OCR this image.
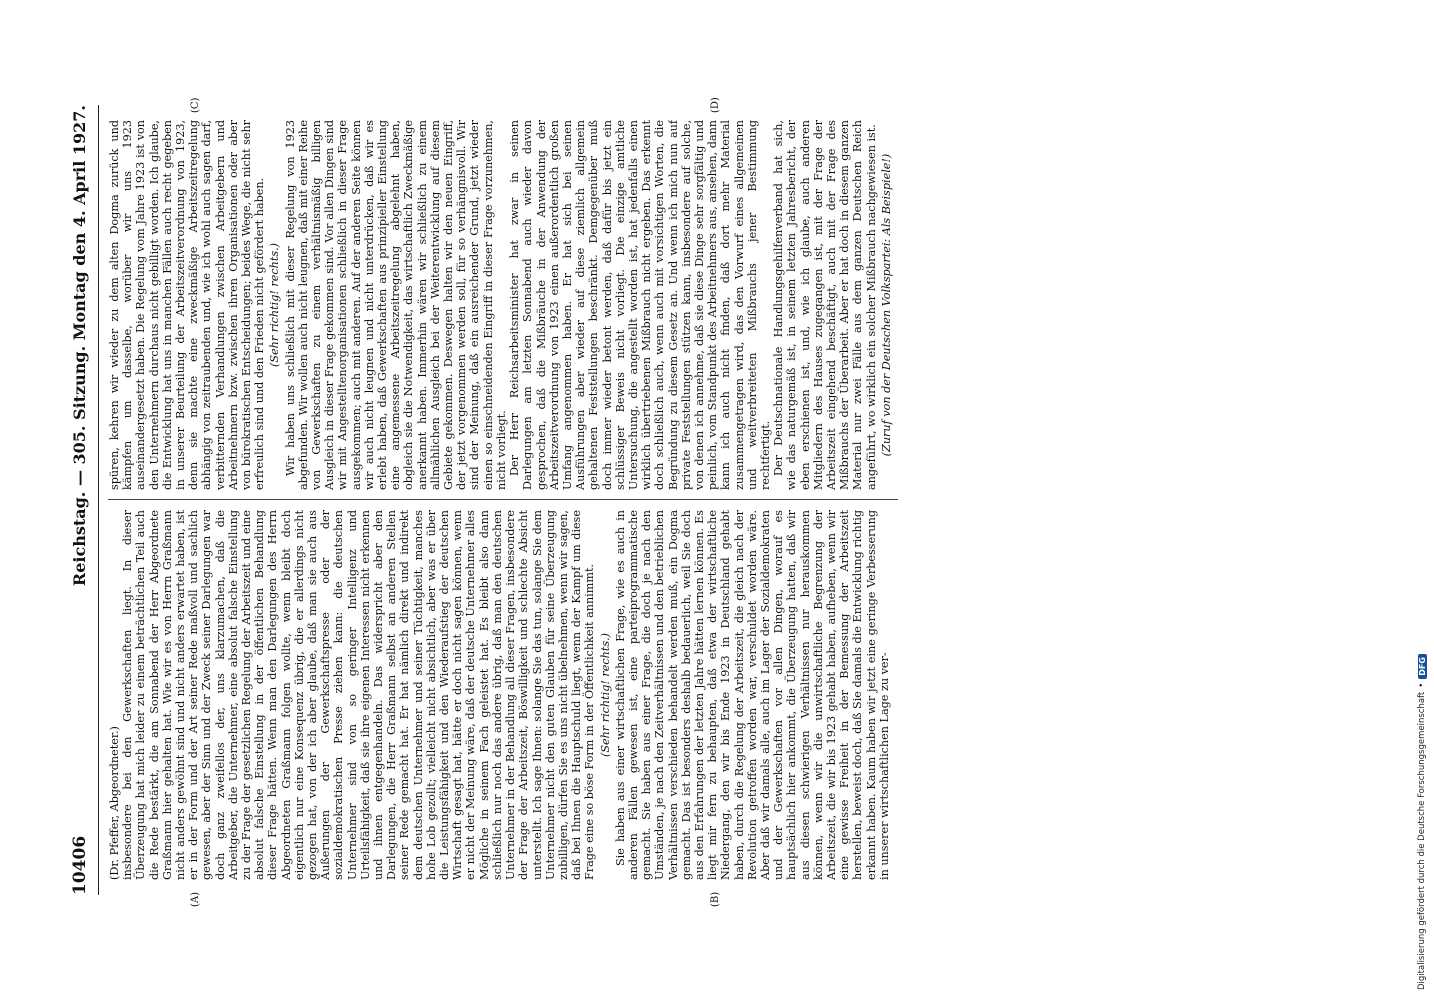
10406
Reichstag. — 305. Sitzung. Montag den 4. April 1927.
(A)	(B)
(C)	(D)

(Dr. Pfeffer, Abgeordneter.) insbesondere bei den Gewerkschaften liegt. In dieser Überzeugung hat mich leider zu einem beträchtlichen Teil auch die Rede bestärkt, die am Sonnabend der Herr Abgeordnete Graßmann hier gehalten hat. Wie wir es von Herrn Graßmann nicht anders gewöhnt sind und nicht anders erwartet haben, ist er in der Form und der Art seiner Rede maßvoll und sachlich gewesen, aber der Sinn und der Zweck seiner Darlegungen war doch ganz zweifellos der, uns klarzumachen, daß die Arbeitgeber, die Unternehmer, eine absolut falsche Einstellung zu der Frage der gesetzlichen Regelung der Arbeitszeit und eine absolut falsche Einstellung in der öffentlichen Behandlung dieser Frage hätten. Wenn man den Darlegungen des Herrn Abgeordneten Graßmann folgen wollte, wenn bleibt doch eigentlich nur eine Konsequenz übrig, die er allerdings nicht gezogen hat, von der ich aber glaube, daß man sie auch aus Äußerungen der Gewerkschaftspresse oder der sozialdemokratischen Presse ziehen kann: die deutschen Unternehmer sind von so geringer Intelligenz und Urteilsfähigkeit, daß sie ihre eigenen Interessen nicht erkennen und ihnen entgegenhandeln. Das widerspricht aber den Darlegungen, die Herr Graßmann selbst an anderen Stellen seiner Rede gemacht hat. Er hat nämlich direkt und indirekt dem deutschen Unternehmer und seiner Tüchtigkeit, manches hohe Lob gezollt; vielleicht nicht absichtlich, aber was er über die Leistungsfähigkeit und den Wiederaufstieg der deutschen Wirtschaft gesagt hat, hätte er doch nicht sagen können, wenn er nicht der Meinung wäre, daß der deutsche Unternehmer alles Mögliche in seinem Fach geleistet hat. Es bleibt also dann schließlich nur noch das andere übrig, daß man den deutschen Unternehmer in der Behandlung all dieser Fragen, insbesondere der Frage der Arbeitszeit, Böswilligkeit und schlechte Absicht unterstellt. Ich sage Ihnen: solange Sie das tun, solange Sie dem Unternehmer nicht den guten Glauben für seine Überzeugung zubilligen, dürfen Sie es uns nicht übelnehmen, wenn wir sagen, daß bei Ihnen die Hauptschuld liegt, wenn der Kampf um diese Frage eine so böse Form in der Öffentlichkeit annimmt. (Sehr richtig! rechts.) Sie haben aus einer wirtschaftlichen Frage, wie es auch in anderen Fällen gewesen ist, eine parteiprogrammatische gemacht. Sie haben aus einer Frage, die doch je nach den Umständen, je nach den Zeitverhältnissen und den betrieblichen Verhältnissen verschieden behandelt werden muß, ein Dogma gemacht. Das ist besonders deshalb bedauerlich, weil Sie doch aus den Erfahrungen der letzten Jahre hätten lernen können. Es liegt mir fern zu behaupten, daß etwa der wirtschaftliche Niedergang, den wir bis Ende 1923 in Deutschland gehabt haben, durch die Regelung der Arbeitszeit, die gleich nach der Revolution getroffen worden war, verschuldet worden wäre. Aber daß wir damals alle, auch im Lager der Sozialdemokraten und der Gewerkschaften vor allen Dingen, worauf es hauptsächlich hier ankommt, die Überzeugung hatten, daß wir aus diesen schwierigen Verhältnissen nur herauskommen können, wenn wir die unwirtschaftliche Begrenzung der Arbeitszeit, die wir bis 1923 gehabt haben, aufheben, wenn wir eine gewisse Freiheit in der Bemessung der Arbeitszeit herstellen, beweist doch, daß Sie damals die Entwicklung richtig erkannt haben. Kaum haben wir jetzt eine geringe Verbesserung in unserer wirtschaftlichen Lage zu ver-

spüren, kehren wir wieder zu dem alten Dogma zurück und kämpfen um dasselbe, worüber wir uns 1923 auseinandergesetzt haben. Die Regelung vom Jahre 1923 ist von den Unternehmern durchaus nicht gebilligt worden. Ich glaube, die Entwicklung hat uns in manchen Fällen auch recht gegeben in unserer Beurteilung der Arbeitszeitverordnung von 1923, denn sie machte eine zweckmäßige Arbeitszeitregelung abhängig von zeitraubenden und, wie ich wohl auch sagen darf, verbitternden Verhandlungen zwischen Arbeitgebern und Arbeitnehmern bzw. zwischen ihren Organisationen oder aber von bürokratischen Entscheidungen; beides Wege, die nicht sehr erfreulich sind und den Frieden nicht gefördert haben. (Sehr richtig! rechts.) Wir haben uns schließlich mit dieser Regelung von 1923 abgefunden. Wir wollen auch nicht leugnen, daß mit einer Reihe von Gewerkschaften zu einem verhältnismäßig billigen Ausgleich in dieser Frage gekommen sind. Vor allen Dingen sind wir mit Angestelltenorganisationen schließlich in dieser Frage ausgekommen; auch mit anderen. Auf der anderen Seite können wir auch nicht leugnen und nicht unterdrücken, daß wir es erlebt haben, daß Gewerkschaften aus prinzipieller Einstellung eine angemessene Arbeitszeitregelung abgelehnt haben, obgleich sie die Notwendigkeit, das wirtschaftlich Zweckmäßige anerkannt haben. Immerhin wären wir schließlich zu einem allmählichen Ausgleich bei der Weiterentwicklung auf diesem Gebiete gekommen. Deswegen halten wir den neuen Eingriff, der jetzt vorgenommen werden soll, für so verhängnisvoll. Wir sind der Meinung, daß ein ausreichender Grund, jetzt wieder einen so einschneidenden Eingriff in dieser Frage vorzunehmen, nicht vorliegt. Der Herr Reichsarbeitsminister hat zwar in seinen Darlegungen am letzten Sonnabend auch wieder davon gesprochen, daß die Mißbräuche in der Anwendung der Arbeitszeitverordnung von 1923 einen außerordentlich großen Umfang angenommen haben. Er hat sich bei seinen Ausführungen aber wieder auf diese ziemlich allgemein gehaltenen Feststellungen beschränkt. Demgegenüber muß doch immer wieder betont werden, daß dafür bis jetzt ein schlüssiger Beweis nicht vorliegt. Die einzige amtliche Untersuchung, die angestellt worden ist, hat jedenfalls einen wirklich übertriebenen Mißbrauch nicht ergeben. Das erkennt doch schließlich auch, wenn auch mit vorsichtigen Worten, die Begründung zu diesem Gesetz an. Und wenn ich mich nun auf private Feststellungen stützen kann, insbesondere auf solche, von denen ich annehme, daß sie diese Dinge sehr sorgfältig und peinlich, vom Standpunkt des Arbeitnehmers aus, ansehen, dann kann ich auch nicht finden, daß dort mehr Material zusammengetragen wird, das den Vorwurf eines allgemeinen und weitverbreiteten Mißbrauchs jener Bestimmung rechtfertigt. Der Deutschnationale Handlungsgehilfenverband hat sich, wie das naturgemäß ist, in seinem letzten Jahresbericht, der eben erschienen ist, und, wie ich glaube, auch anderen Mitgliedern des Hauses zugegangen ist, mit der Frage der Arbeitszeit eingehend beschäftigt, auch mit der Frage des Mißbrauchs der Überarbeit. Aber er hat doch in diesem ganzen Material nur zwei Fälle aus dem ganzen Deutschen Reich angeführt, wo wirklich ein solcher Mißbrauch nachgewiesen ist. (Zuruf von der Deutschen Volkspartei: Als Beispiele!)

Digitalisierung gefördert durch die Deutsche Forschungsgemeinschaft
•
DFG
